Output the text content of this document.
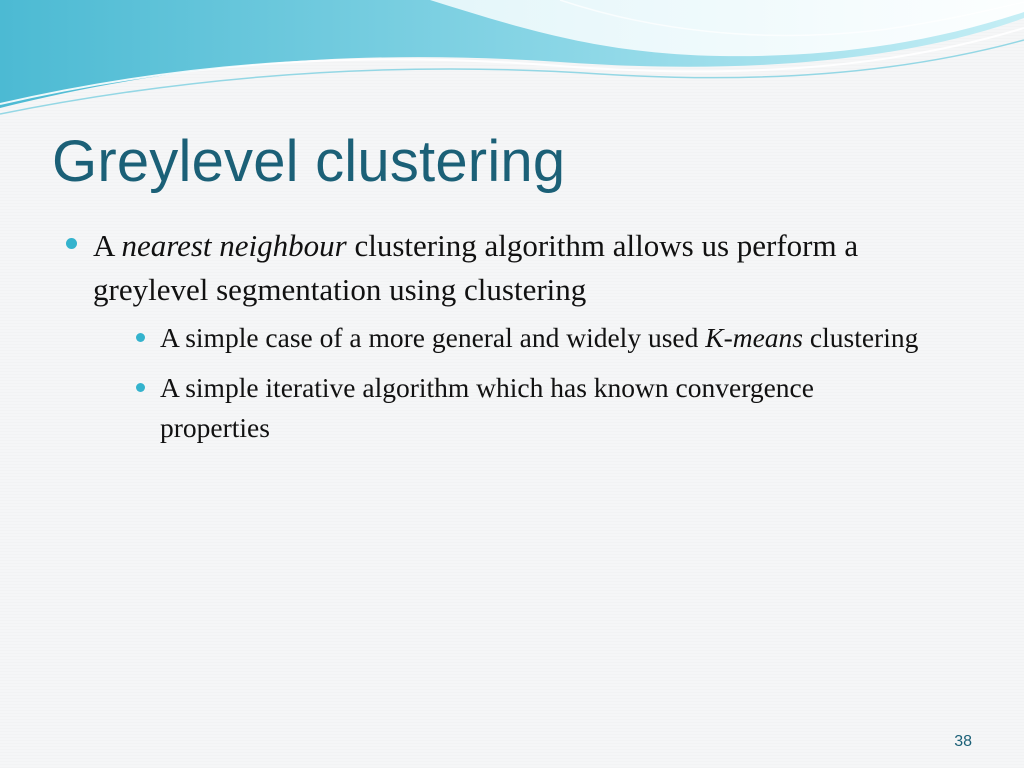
Greylevel clustering
A nearest neighbour clustering algorithm allows us perform a greylevel segmentation using clustering
A simple case of a more general and widely used K-means clustering
A simple iterative algorithm which has known convergence properties
38
